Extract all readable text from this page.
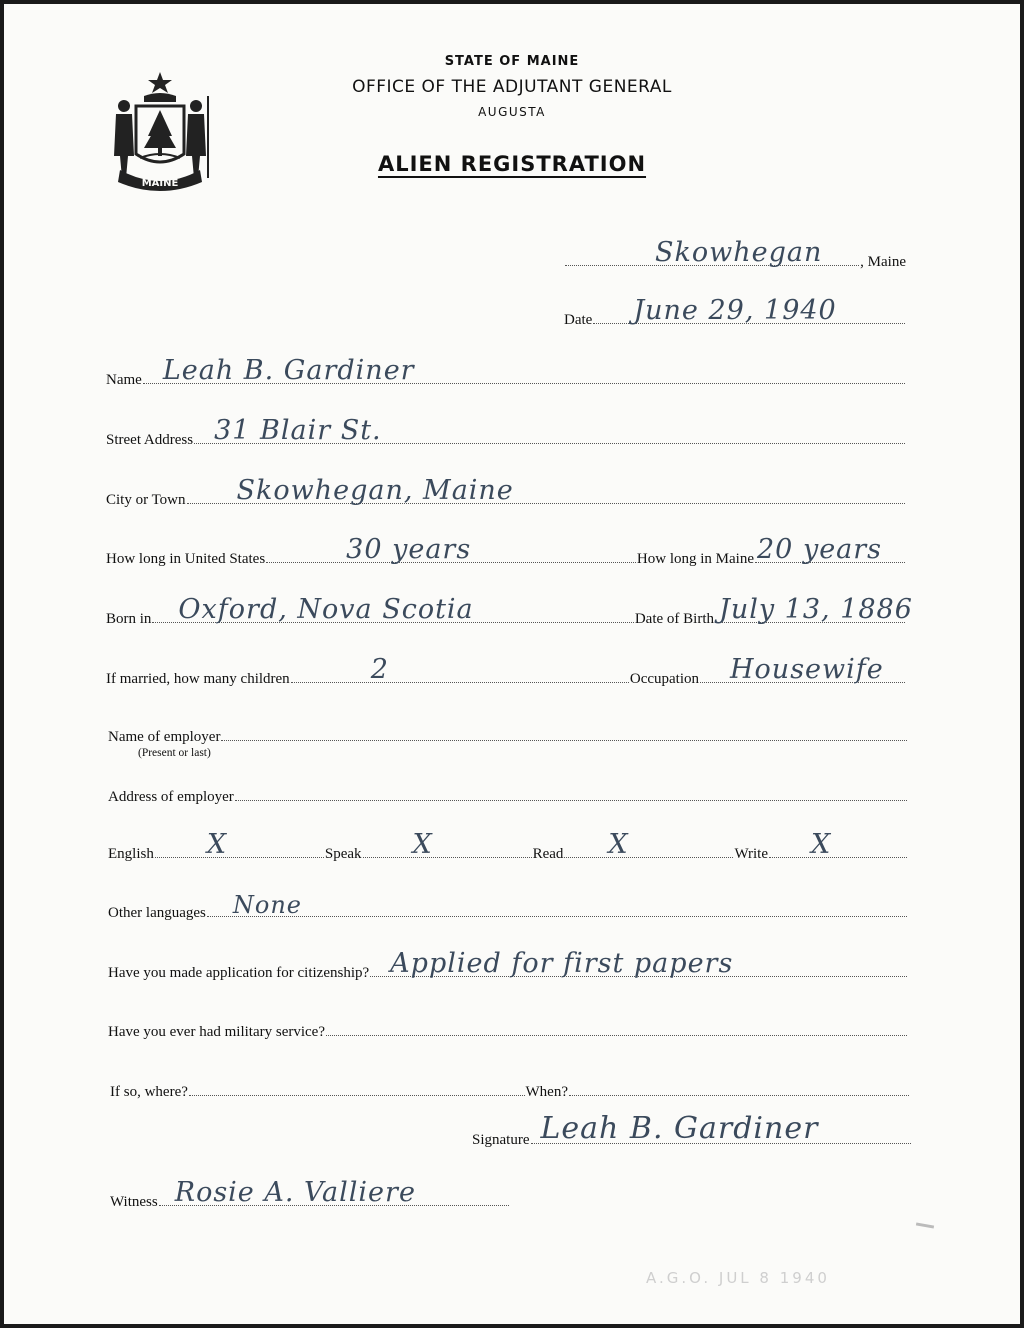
MAINE
STATE OF MAINE
OFFICE OF THE ADJUTANT GENERAL
AUGUSTA
ALIEN REGISTRATION
Skowhegan	, Maine
Date June 29, 1940
Name Leah B. Gardiner
Street Address 31 Blair St.
City or Town Skowhegan, Maine
How long in United States	30 years	How long in Maine 20 years
Born in Oxford, Nova Scotia	Date of Birth July 13, 1886
If married, how many children	2	Occupation Housewife
Name of employer
(Present or last)
Address of employer
English X	Speak X	Read X	Write X
Other languages None
Have you made application for citizenship? Applied for first papers
Have you ever had military service?
If so, where?	When?
Signature Leah B. Gardiner
Witness Rosie A. Valliere
A.G.O. JUL 8 1940
